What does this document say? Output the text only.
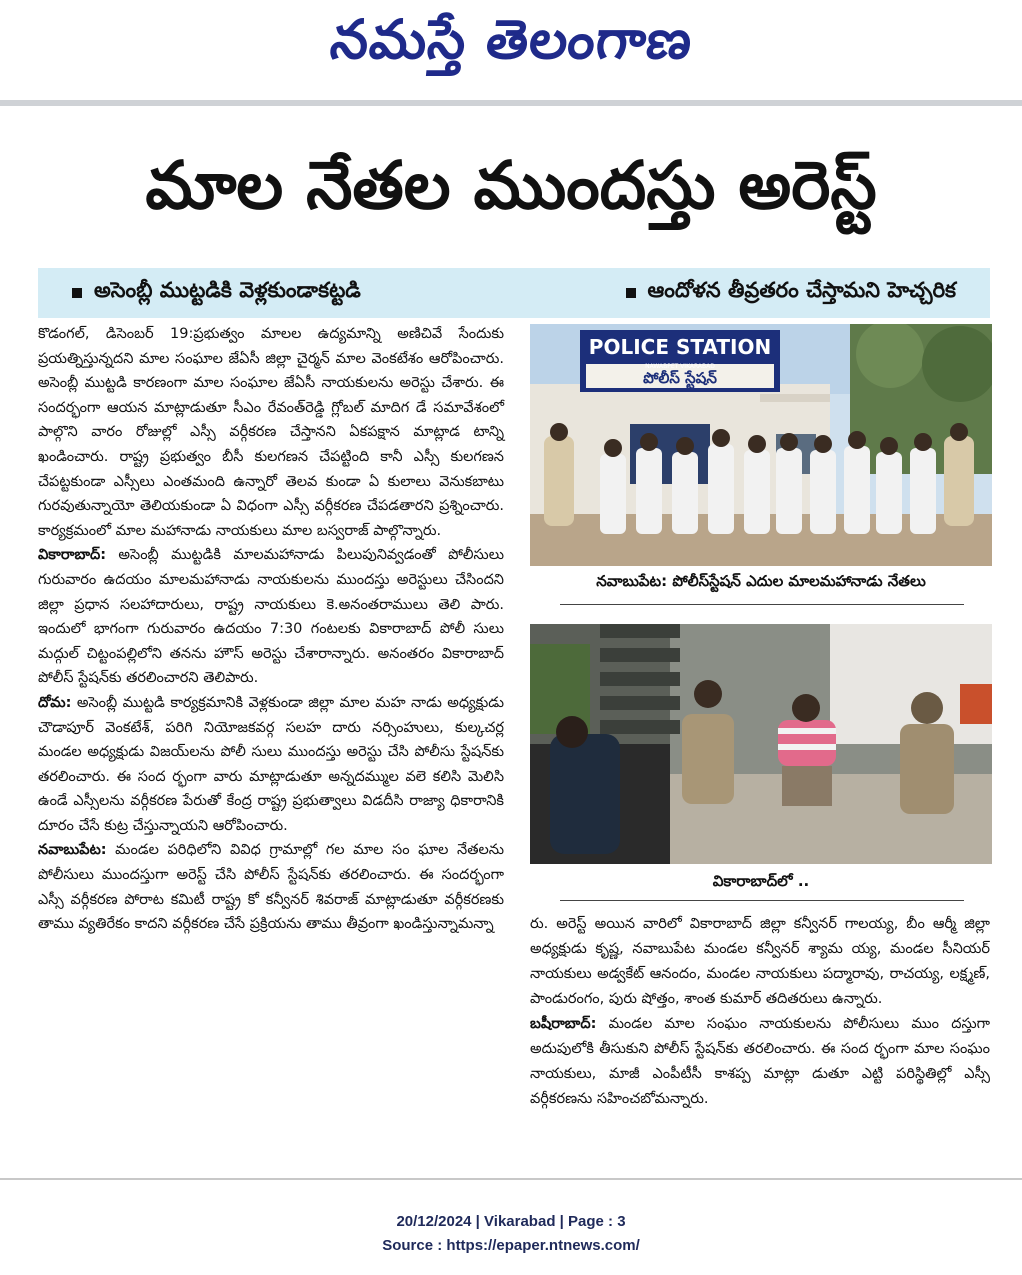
నమస్తే తెలంగాణ
మాల నేతల ముందస్తు అరెస్ట్
అసెంబ్లీ ముట్టడికి వెళ్లకుండాకట్టడి	ఆందోళన తీవ్రతరం చేస్తామని హెచ్చరిక

కొడంగల్, డిసెంబర్ 19:ప్రభుత్వం మాలల ఉద్యమాన్ని అణిచివే సేందుకు ప్రయత్నిస్తున్నదని మాల సంఘాల జేఏసీ జిల్లా చైర్మన్ మాల వెంకటేశం ఆరోపించారు. అసెంబ్లీ ముట్టడి కారణంగా మాల సంఘాల జేఏసీ నాయకులను అరెస్టు చేశారు. ఈ సందర్భంగా ఆయన మాట్లాడుతూ సీఎం రేవంత్‌రెడ్డి గ్లోబల్ మాదిగ డే సమావేశంలో పాల్గొని వారం రోజుల్లో ఎస్సీ వర్గీకరణ చేస్తానని ఏకపక్షాన మాట్లాడ టాన్ని ఖండించారు. రాష్ట్ర ప్రభుత్వం బీసీ కులగణన చేపట్టింది కానీ ఎస్సీ కులగణన చేపట్టకుండా ఎస్సీలు ఎంతమంది ఉన్నారో తెలవ కుండా ఏ కులాలు వెనుకబాటు గురవుతున్నాయో తెలియకుండా ఏ విధంగా ఎస్సీ వర్గీకరణ చేపడతారని ప్రశ్నించారు. కార్యక్రమంలో మాల మహానాడు నాయకులు మాల బస్వరాజ్ పాల్గొన్నారు.

వికారాబాద్: అసెంబ్లీ ముట్టడికి మాలమహానాడు పిలుపునివ్వడంతో పోలీసులు గురువారం ఉదయం మాలమహానాడు నాయకులను ముందస్తు అరెస్టులు చేసిందని జిల్లా ప్రధాన సలహాదారులు, రాష్ట్ర నాయకులు కె.అనంతరాములు తెలి పారు. ఇందులో భాగంగా గురువారం ఉదయం 7:30 గంటలకు వికారాబాద్ పోలీ సులు మద్గుల్ చిట్టంపల్లిలోని తనను హౌస్ అరెస్టు చేశారాన్నారు. అనంతరం వికారాబాద్ పోలీస్ స్టేషన్‌కు తరలించారని తెలిపారు.

దోమ: అసెంబ్లీ ముట్టడి కార్యక్రమానికి వెళ్లకుండా జిల్లా మాల మహ నాడు అధ్యక్షుడు చౌడాపూర్ వెంకటేశ్, పరిగి నియోజకవర్గ సలహ దారు నర్సింహులు, కుల్కచర్ల మండల అధ్యక్షుడు విజయ్‌లను పోలీ సులు ముందస్తు అరెస్టు చేసి పోలీసు స్టేషన్‌కు తరలించారు. ఈ సంద ర్భంగా వారు మాట్లాడుతూ అన్నదమ్ముల వలె కలిసి మెలిసి ఉండే ఎస్సీలను వర్గీకరణ పేరుతో కేంద్ర రాష్ట్ర ప్రభుత్వాలు విడదీసి రాజ్యా ధికారానికి దూరం చేసే కుట్ర చేస్తున్నాయని ఆరోపించారు.

నవాబుపేట: మండల పరిధిలోని వివిధ గ్రామాల్లో గల మాల సం ఘాల నేతలను పోలీసులు ముందస్తుగా అరెస్ట్ చేసి పోలీస్ స్టేషన్‌కు తరలించారు. ఈ సందర్భంగా ఎస్సీ వర్గీకరణ పోరాట కమిటీ రాష్ట్ర కో కన్వీనర్ శివరాజ్ మాట్లాడుతూ వర్గీకరణకు తాము వ్యతిరేకం కాదని వర్గీకరణ చేసే ప్రక్రియను తాము తీవ్రంగా ఖండిస్తున్నామన్నా

POLICE STATION
NAWABPET VIKARABAD
పోలీస్ స్టేషన్
నవాబుపేట: పోలీస్‌స్టేషన్ ఎదుల మాలమహానాడు నేతలు
వికారాబాద్‌లో ..

రు. అరెస్ట్ అయిన వారిలో వికారాబాద్ జిల్లా కన్వీనర్ గాలయ్య, బీం ఆర్మీ జిల్లా అధ్యక్షుడు కృష్ణ, నవాబుపేట మండల కన్వీనర్ శ్యామ య్య, మండల సీనియర్ నాయకులు అడ్వకేట్ ఆనందం, మండల నాయకులు పద్మారావు, రాచయ్య, లక్ష్మణ్, పాండురంగం, పురు షోత్తం, శాంత కుమార్ తదితరులు ఉన్నారు.

బషీరాబాద్: మండల మాల సంఘం నాయకులను పోలీసులు ముం దస్తుగా అదుపులోకి తీసుకుని పోలీస్ స్టేషన్‌కు తరలించారు. ఈ సంద ర్భంగా మాల సంఘం నాయకులు, మాజీ ఎంపీటీసీ కాశప్ప మాట్లా డుతూ ఎట్టి పరిస్థితిల్లో ఎస్సీ వర్గీకరణను సహించబోమన్నారు.

20/12/2024 | Vikarabad | Page : 3
Source : https://epaper.ntnews.com/
